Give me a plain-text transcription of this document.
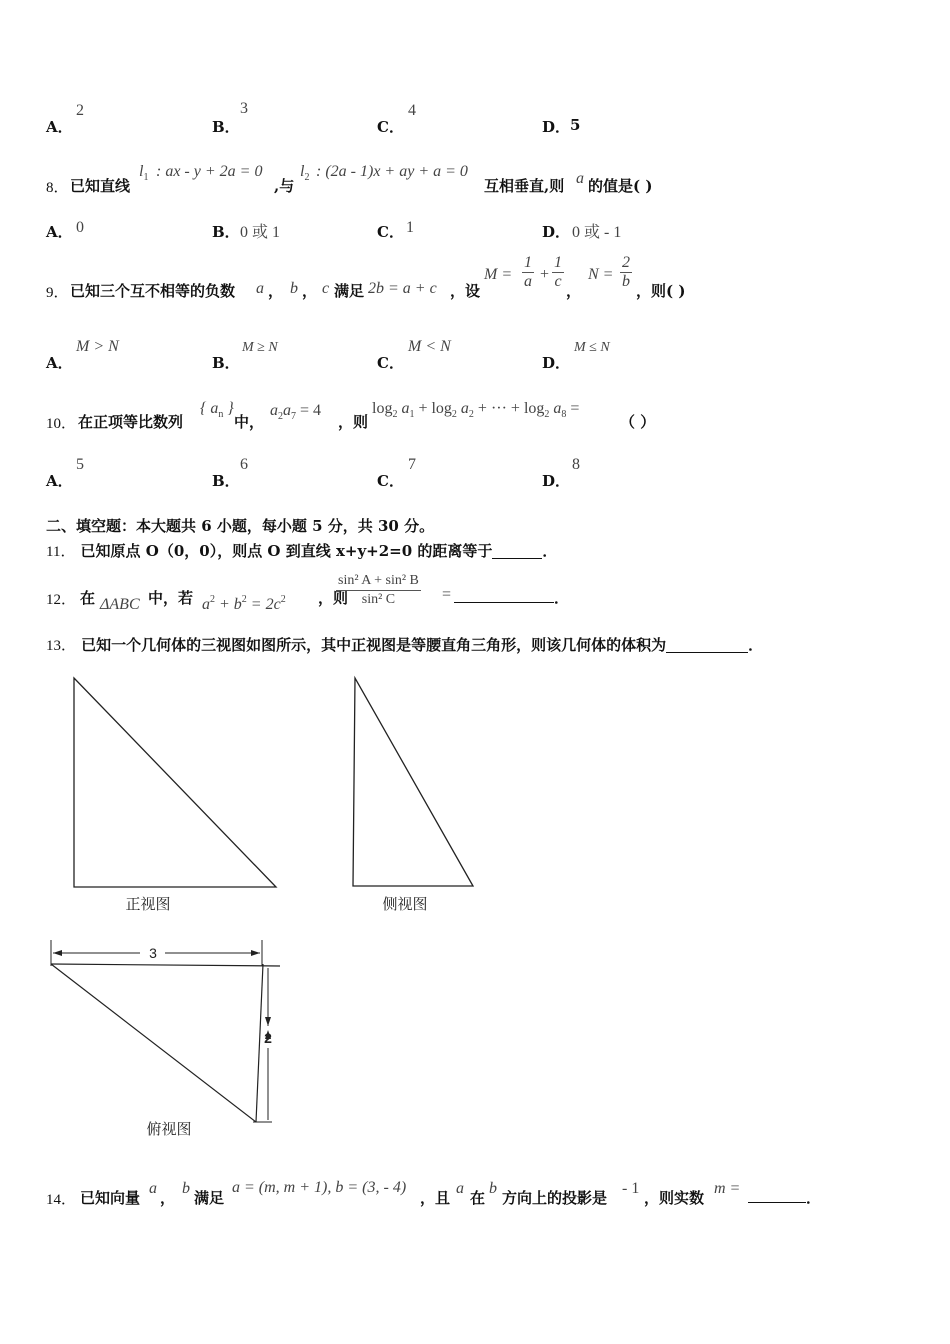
A．
2
B．
3
C．
4
D． 5
8． 已知直线
$l_1$ : ax - y + 2a = 0
,与
$l_2$ : (2a - 1)x + ay + a = 0
互相垂直,则 a 的值是( )
A． 0	B． 0 或 1	C． 1	D． 0 或 - 1
9． 已知三个互不相等的负数 a ， b ， c 满足 2b = a + c ，设
$M = \frac{1}{a} + \frac{1}{c}$ ，
$N = \frac{2}{b}$ ，则( )
A．
M > N
B．
M ≥ N
C．
M < N
D．
M ≤ N
10． 在正项等比数列
{ $a_n$ }
中，
$a_2a_7 = 4$
，则
$\log_2 a_1 + \log_2 a_2$ + ··· + $\log_2 a_8$ =
（ ）
A．
5
B．
6
C．
7
D．
8
二、填空题：本大题共 6 小题，每小题 5 分，共 30 分。
11． 已知原点 O（0，0），则点 O 到直线 x+y+2=0 的距离等于	．
12． 在 ΔABC 中，若 $a^2 + b^2 = 2c^2$ ，则
$\frac{\text{sin² A + sin² B}}{\text{sin² C}}$ =	．
13． 已知一个几何体的三视图如图所示，其中正视图是等腰直角三角形，则该几何体的体积为	．
3
2
正视图	侧视图
俯视图
14． 已知向量
a
，
b
满足
a = (m, m + 1), b = (3, - 4)
，且
a
在
b
方向上的投影是
- 1
，则实数
m =
．
